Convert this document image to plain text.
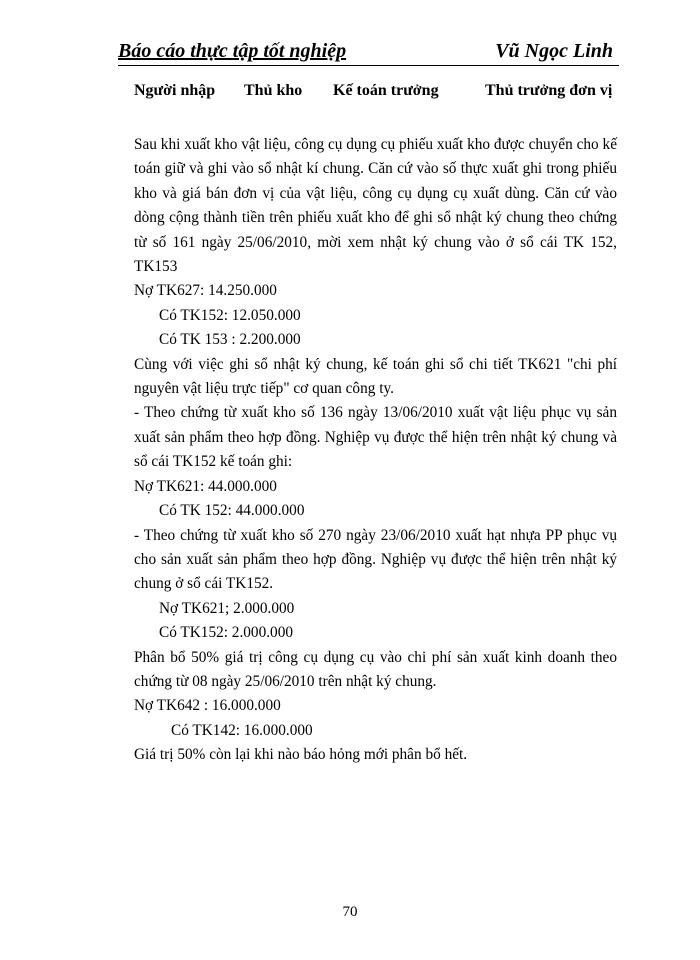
Báo cáo thực tập tốt nghiệp	Vũ Ngọc Linh
Người nhập Thủ kho Kế toán trưởng	Thủ trưởng đơn vị

Sau khi xuất kho vật liệu, công cụ dụng cụ phiếu xuất kho được chuyển cho kế toán giữ và ghi vào sổ nhật kí chung. Căn cứ vào số thực xuất ghi trong phiếu kho và giá bán đơn vị của vật liệu, công cụ dụng cụ xuất dùng. Căn cứ vào dòng cộng thành tiền trên phiếu xuất kho để ghi sổ nhật ký chung theo chứng từ số 161 ngày 25/06/2010, mời xem nhật ký chung vào ở sổ cái TK 152, TK153

Nợ TK627: 14.250.000

Có TK152: 12.050.000

Có TK 153 : 2.200.000

Cùng với việc ghi sổ nhật ký chung, kế toán ghi sổ chi tiết TK621 "chi phí nguyên vật liệu trực tiếp" cơ quan công ty.

- Theo chứng từ xuất kho số 136 ngày 13/06/2010 xuất vật liệu phục vụ sản xuất sản phẩm theo hợp đồng. Nghiệp vụ được thể hiện trên nhật ký chung và sổ cái TK152 kế toán ghi:

Nợ TK621: 44.000.000

Có TK 152: 44.000.000

- Theo chứng từ xuất kho số 270 ngày 23/06/2010 xuất hạt nhựa PP phục vụ cho sản xuất sản phẩm theo hợp đồng. Nghiệp vụ được thể hiện trên nhật ký chung ở sổ cái TK152.

Nợ TK621; 2.000.000

Có TK152: 2.000.000

Phân bổ 50% giá trị công cụ dụng cụ vào chi phí sản xuất kinh doanh theo chứng từ 08 ngày 25/06/2010 trên nhật ký chung.

Nợ TK642 : 16.000.000

Có TK142: 16.000.000

Giá trị 50% còn lại khi nào báo hỏng mới phân bổ hết.

70
